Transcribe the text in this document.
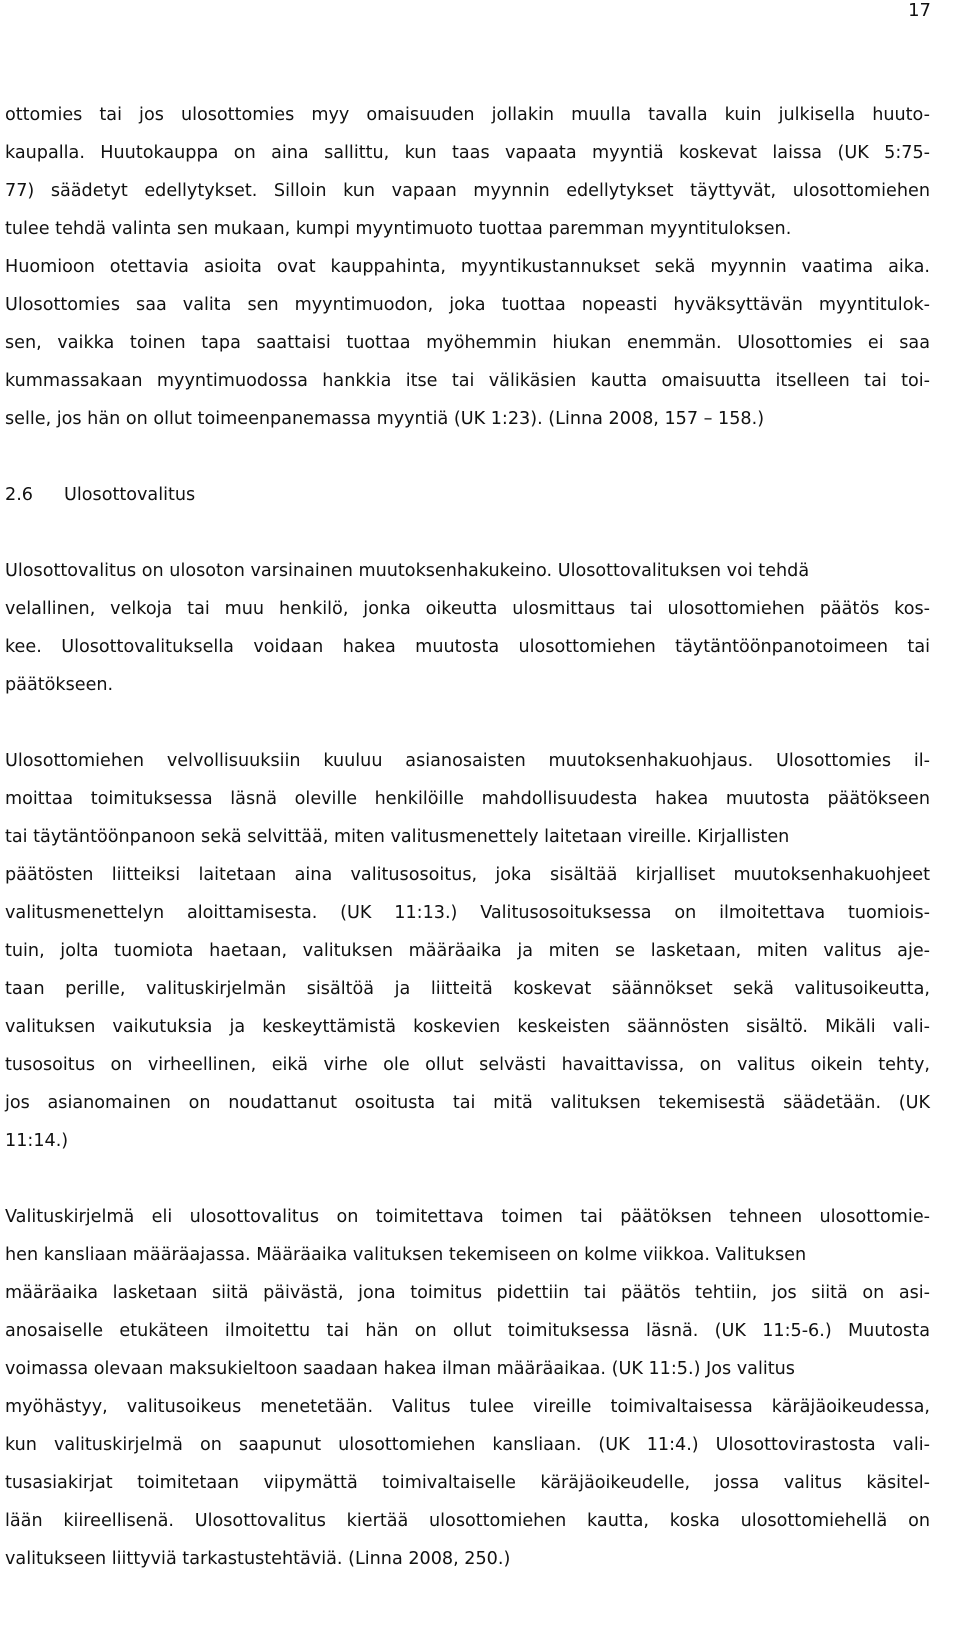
17
ottomies tai jos ulosottomies myy omaisuuden jollakin muulla tavalla kuin julkisella huuto-
kaupalla. Huutokauppa on aina sallittu, kun taas vapaata myyntiä koskevat laissa (UK 5:75-
77) säädetyt edellytykset. Silloin kun vapaan myynnin edellytykset täyttyvät, ulosottomiehen
tulee tehdä valinta sen mukaan, kumpi myyntimuoto tuottaa paremman myyntituloksen.
Huomioon otettavia asioita ovat kauppahinta, myyntikustannukset sekä myynnin vaatima aika.
Ulosottomies saa valita sen myyntimuodon, joka tuottaa nopeasti hyväksyttävän myyntitulok-
sen, vaikka toinen tapa saattaisi tuottaa myöhemmin hiukan enemmän. Ulosottomies ei saa
kummassakaan myyntimuodossa hankkia itse tai välikäsien kautta omaisuutta itselleen tai toi-
selle, jos hän on ollut toimeenpanemassa myyntiä (UK 1:23). (Linna 2008, 157 – 158.)
2.6 Ulosottovalitus
Ulosottovalitus on ulosoton varsinainen muutoksenhakukeino. Ulosottovalituksen voi tehdä
velallinen, velkoja tai muu henkilö, jonka oikeutta ulosmittaus tai ulosottomiehen päätös kos-
kee. Ulosottovalituksella voidaan hakea muutosta ulosottomiehen täytäntöönpanotoimeen tai
päätökseen.
Ulosottomiehen velvollisuuksiin kuuluu asianosaisten muutoksenhakuohjaus. Ulosottomies il-
moittaa toimituksessa läsnä oleville henkilöille mahdollisuudesta hakea muutosta päätökseen
tai täytäntöönpanoon sekä selvittää, miten valitusmenettely laitetaan vireille. Kirjallisten
päätösten liitteiksi laitetaan aina valitusosoitus, joka sisältää kirjalliset muutoksenhakuohjeet
valitusmenettelyn aloittamisesta. (UK 11:13.) Valitusosoituksessa on ilmoitettava tuomiois-
tuin, jolta tuomiota haetaan, valituksen määräaika ja miten se lasketaan, miten valitus aje-
taan perille, valituskirjelmän sisältöä ja liitteitä koskevat säännökset sekä valitusoikeutta,
valituksen vaikutuksia ja keskeyttämistä koskevien keskeisten säännösten sisältö. Mikäli vali-
tusosoitus on virheellinen, eikä virhe ole ollut selvästi havaittavissa, on valitus oikein tehty,
jos asianomainen on noudattanut osoitusta tai mitä valituksen tekemisestä säädetään. (UK
11:14.)
Valituskirjelmä eli ulosottovalitus on toimitettava toimen tai päätöksen tehneen ulosottomie-
hen kansliaan määräajassa. Määräaika valituksen tekemiseen on kolme viikkoa. Valituksen
määräaika lasketaan siitä päivästä, jona toimitus pidettiin tai päätös tehtiin, jos siitä on asi-
anosaiselle etukäteen ilmoitettu tai hän on ollut toimituksessa läsnä. (UK 11:5-6.) Muutosta
voimassa olevaan maksukieltoon saadaan hakea ilman määräaikaa. (UK 11:5.) Jos valitus
myöhästyy, valitusoikeus menetetään. Valitus tulee vireille toimivaltaisessa käräjäoikeudessa,
kun valituskirjelmä on saapunut ulosottomiehen kansliaan. (UK 11:4.) Ulosottovirastosta vali-
tusasiakirjat toimitetaan viipymättä toimivaltaiselle käräjäoikeudelle, jossa valitus käsitel-
lään kiireellisenä. Ulosottovalitus kiertää ulosottomiehen kautta, koska ulosottomiehellä on
valitukseen liittyviä tarkastustehtäviä. (Linna 2008, 250.)
